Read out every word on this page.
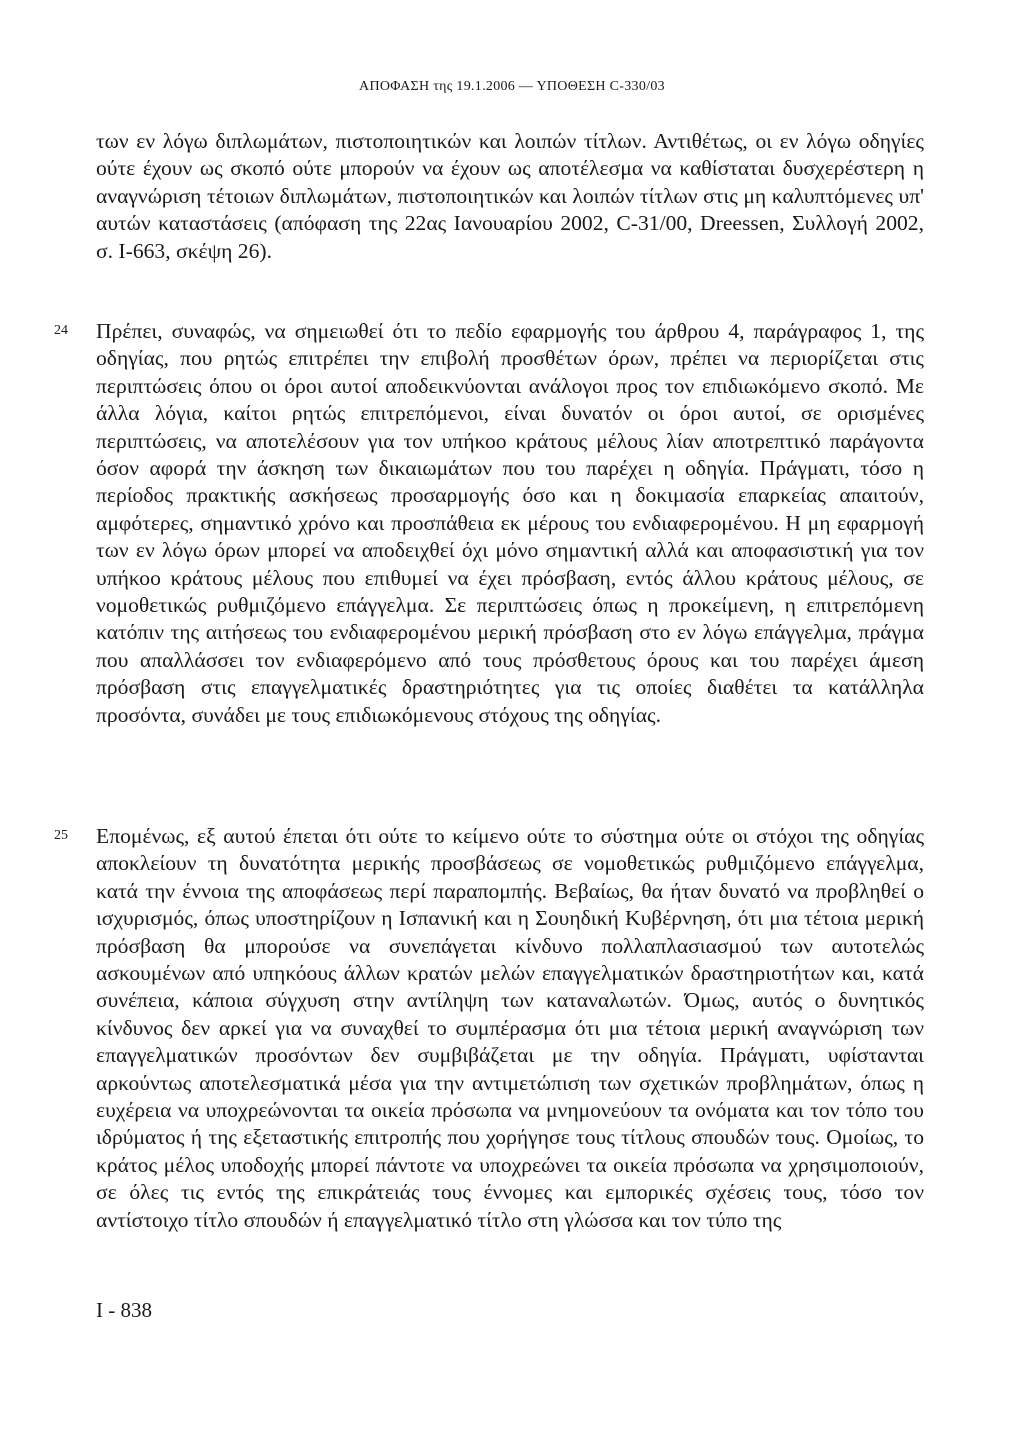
ΑΠΟΦΑΣΗ της 19.1.2006 — ΥΠΟΘΕΣΗ C-330/03
των εν λόγω διπλωμάτων, πιστοποιητικών και λοιπών τίτλων. Αντιθέτως, οι εν λόγω οδηγίες ούτε έχουν ως σκοπό ούτε μπορούν να έχουν ως αποτέλεσμα να καθίσταται δυσχερέστερη η αναγνώριση τέτοιων διπλωμάτων, πιστοποιητικών και λοιπών τίτλων στις μη καλυπτόμενες υπ' αυτών καταστάσεις (απόφαση της 22ας Ιανουαρίου 2002, C-31/00, Dreessen, Συλλογή 2002, σ. I-663, σκέψη 26).
24 Πρέπει, συναφώς, να σημειωθεί ότι το πεδίο εφαρμογής του άρθρου 4, παράγραφος 1, της οδηγίας, που ρητώς επιτρέπει την επιβολή προσθέτων όρων, πρέπει να περιορίζεται στις περιπτώσεις όπου οι όροι αυτοί αποδεικνύονται ανάλογοι προς τον επιδιωκόμενο σκοπό. Με άλλα λόγια, καίτοι ρητώς επιτρεπόμενοι, είναι δυνατόν οι όροι αυτοί, σε ορισμένες περιπτώσεις, να αποτελέσουν για τον υπήκοο κράτους μέλους λίαν αποτρεπτικό παράγοντα όσον αφορά την άσκηση των δικαιωμάτων που του παρέχει η οδηγία. Πράγματι, τόσο η περίοδος πρακτικής ασκήσεως προσαρμογής όσο και η δοκιμασία επαρκείας απαιτούν, αμφότερες, σημαντικό χρόνο και προσπάθεια εκ μέρους του ενδιαφερομένου. Η μη εφαρμογή των εν λόγω όρων μπορεί να αποδειχθεί όχι μόνο σημαντική αλλά και αποφασιστική για τον υπήκοο κράτους μέλους που επιθυμεί να έχει πρόσβαση, εντός άλλου κράτους μέλους, σε νομοθετικώς ρυθμιζόμενο επάγγελμα. Σε περιπτώσεις όπως η προκείμενη, η επιτρεπόμενη κατόπιν της αιτήσεως του ενδιαφερομένου μερική πρόσβαση στο εν λόγω επάγγελμα, πράγμα που απαλλάσσει τον ενδιαφερόμενο από τους πρόσθετους όρους και του παρέχει άμεση πρόσβαση στις επαγγελματικές δραστηριότητες για τις οποίες διαθέτει τα κατάλληλα προσόντα, συνάδει με τους επιδιωκόμενους στόχους της οδηγίας.
25 Επομένως, εξ αυτού έπεται ότι ούτε το κείμενο ούτε το σύστημα ούτε οι στόχοι της οδηγίας αποκλείουν τη δυνατότητα μερικής προσβάσεως σε νομοθετικώς ρυθμιζόμενο επάγγελμα, κατά την έννοια της αποφάσεως περί παραπομπής. Βεβαίως, θα ήταν δυνατό να προβληθεί ο ισχυρισμός, όπως υποστηρίζουν η Ισπανική και η Σουηδική Κυβέρνηση, ότι μια τέτοια μερική πρόσβαση θα μπορούσε να συνεπάγεται κίνδυνο πολλαπλασιασμού των αυτοτελώς ασκουμένων από υπηκόους άλλων κρατών μελών επαγγελματικών δραστηριοτήτων και, κατά συνέπεια, κάποια σύγχυση στην αντίληψη των καταναλωτών. Όμως, αυτός ο δυνητικός κίνδυνος δεν αρκεί για να συναχθεί το συμπέρασμα ότι μια τέτοια μερική αναγνώριση των επαγγελματικών προσόντων δεν συμβιβάζεται με την οδηγία. Πράγματι, υφίστανται αρκούντως αποτελεσματικά μέσα για την αντιμετώπιση των σχετικών προβλημάτων, όπως η ευχέρεια να υποχρεώνονται τα οικεία πρόσωπα να μνημονεύουν τα ονόματα και τον τόπο του ιδρύματος ή της εξεταστικής επιτροπής που χορήγησε τους τίτλους σπουδών τους. Ομοίως, το κράτος μέλος υποδοχής μπορεί πάντοτε να υποχρεώνει τα οικεία πρόσωπα να χρησιμοποιούν, σε όλες τις εντός της επικράτειάς τους έννομες και εμπορικές σχέσεις τους, τόσο τον αντίστοιχο τίτλο σπουδών ή επαγγελματικό τίτλο στη γλώσσα και τον τύπο της
I - 838
